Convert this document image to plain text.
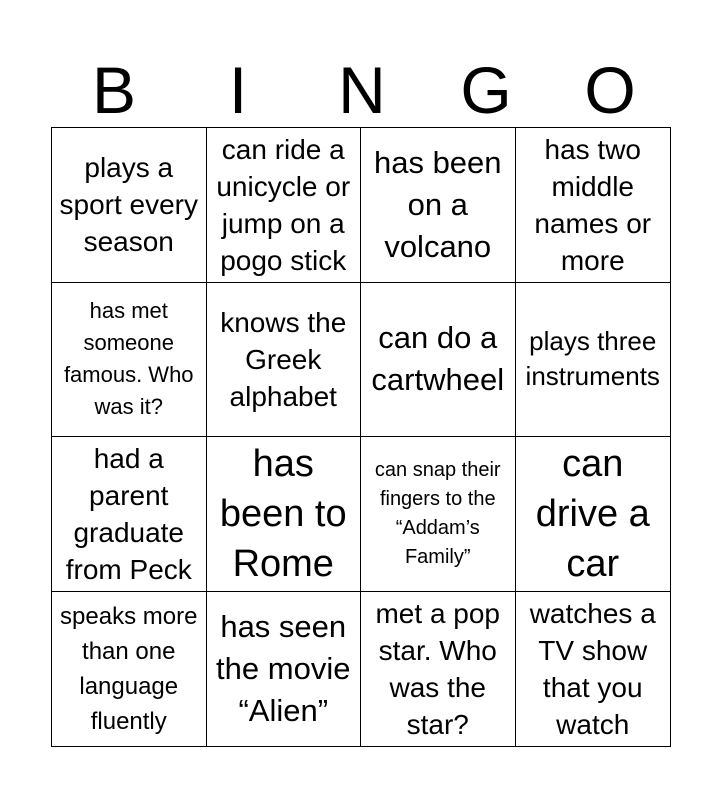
B	I	N	G	O
plays a sport every season
can ride a unicycle or jump on a pogo stick
has been on a volcano
has two middle names or more
has met someone famous. Who was it?
knows the Greek alphabet
can do a cartwheel
plays three instruments
had a parent graduate from Peck
has been to Rome
can snap their fingers to the “Addam’s Family”
can drive a car
speaks more than one language fluently
has seen the movie “Alien”
met a pop star. Who was the star?
watches a TV show that you watch
